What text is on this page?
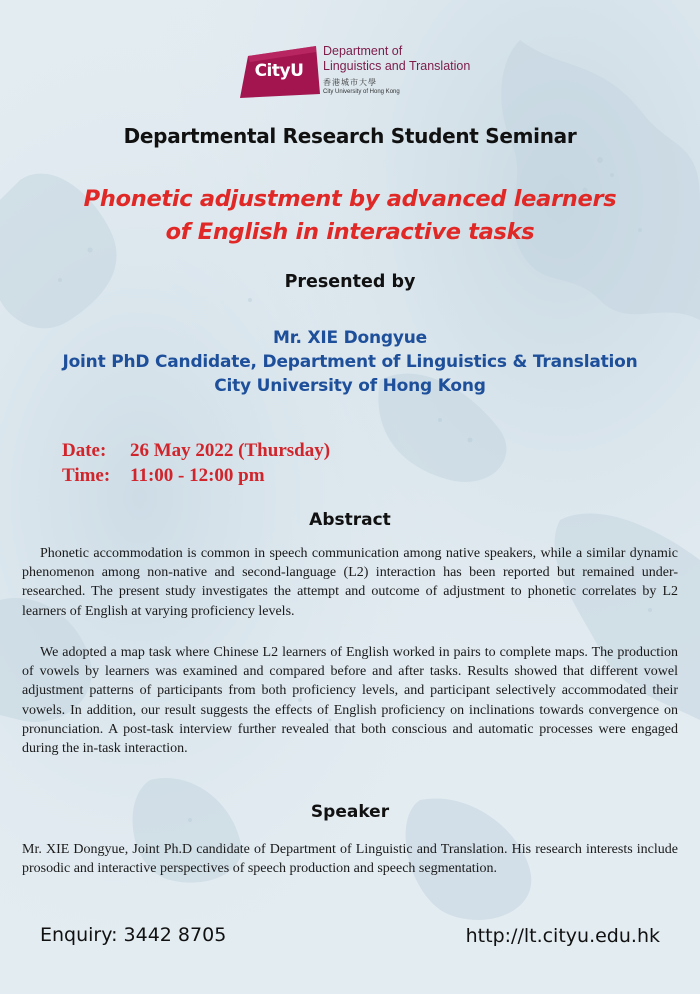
CityU
Department of
Linguistics and Translation
香港城市大學
City University of Hong Kong
Departmental Research Student Seminar
Phonetic adjustment by advanced learners
of English in interactive tasks
Presented by
Mr. XIE Dongyue
Joint PhD Candidate, Department of Linguistics & Translation
City University of Hong Kong
Date: 26 May 2022 (Thursday)
Time: 11:00 - 12:00 pm
Abstract
Phonetic accommodation is common in speech communication among native speakers, while a similar dynamic phenomenon among non-native and second-language (L2) interaction has been reported but remained under-researched. The present study investigates the attempt and outcome of adjustment to phonetic correlates by L2 learners of English at varying proficiency levels.
We adopted a map task where Chinese L2 learners of English worked in pairs to complete maps. The production of vowels by learners was examined and compared before and after tasks. Results showed that different vowel adjustment patterns of participants from both proficiency levels, and participant selectively accommodated their vowels. In addition, our result suggests the effects of English proficiency on inclinations towards convergence on pronunciation. A post-task interview further revealed that both conscious and automatic processes were engaged during the in-task interaction.
Speaker
Mr. XIE Dongyue, Joint Ph.D candidate of Department of Linguistic and Translation. His research interests include prosodic and interactive perspectives of speech production and speech segmentation.
Enquiry: 3442 8705	http://lt.cityu.edu.hk
